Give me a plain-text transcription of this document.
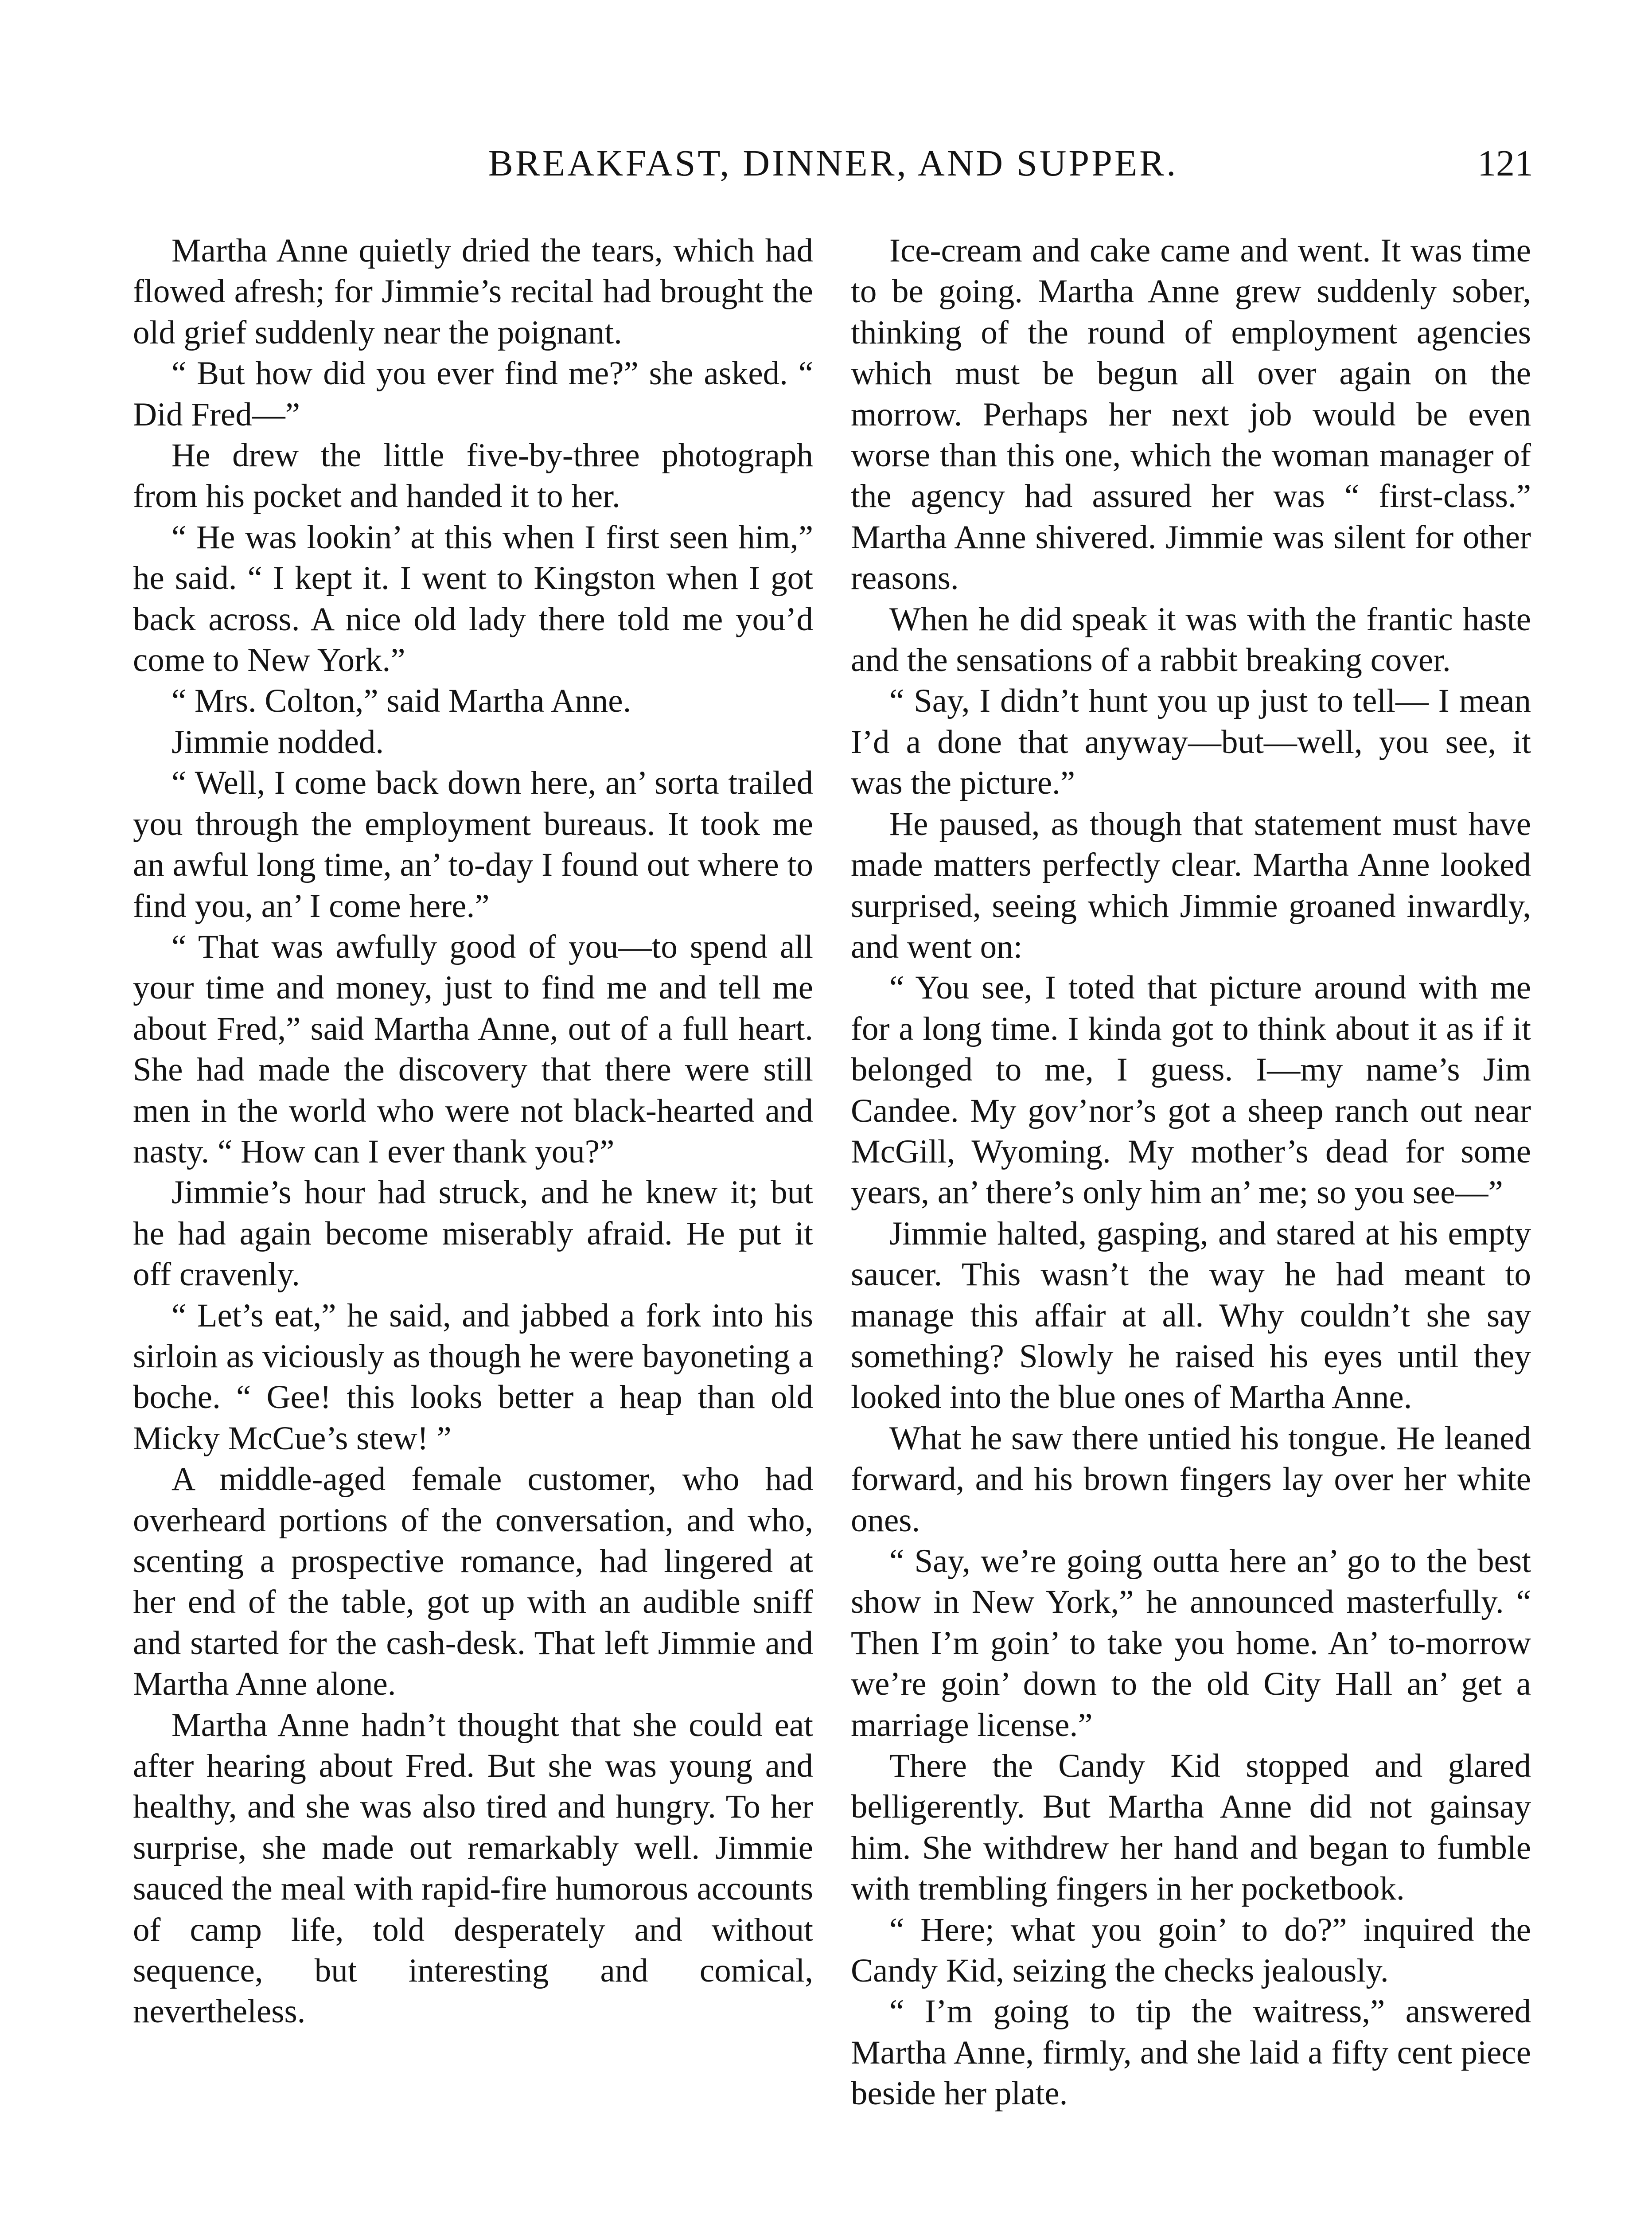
BREAKFAST, DINNER, AND SUPPER.	121

Martha Anne quietly dried the tears, which had flowed afresh; for Jimmie’s recital had brought the old grief suddenly near the poignant.

“ But how did you ever find me?” she asked. “ Did Fred—”

He drew the little five-by-three photograph from his pocket and handed it to her.

“ He was lookin’ at this when I first seen him,” he said. “ I kept it. I went to Kingston when I got back across. A nice old lady there told me you’d come to New York.”

“ Mrs. Colton,” said Martha Anne.

Jimmie nodded.

“ Well, I come back down here, an’ sorta trailed you through the employment bureaus. It took me an awful long time, an’ to-day I found out where to find you, an’ I come here.”

“ That was awfully good of you—to spend all your time and money, just to find me and tell me about Fred,” said Martha Anne, out of a full heart. She had made the discovery that there were still men in the world who were not black-hearted and nasty. “ How can I ever thank you?”

Jimmie’s hour had struck, and he knew it; but he had again become miserably afraid. He put it off cravenly.

“ Let’s eat,” he said, and jabbed a fork into his sirloin as viciously as though he were bayoneting a boche. “ Gee! this looks better a heap than old Micky McCue’s stew! ”

A middle-aged female customer, who had overheard portions of the conversation, and who, scenting a prospective romance, had lingered at her end of the table, got up with an audible sniff and started for the cash-desk. That left Jimmie and Martha Anne alone.

Martha Anne hadn’t thought that she could eat after hearing about Fred. But she was young and healthy, and she was also tired and hungry. To her surprise, she made out remarkably well. Jimmie sauced the meal with rapid-fire humorous accounts of camp life, told desperately and without sequence, but interesting and comical, nevertheless.

Ice-cream and cake came and went. It was time to be going. Martha Anne grew suddenly sober, thinking of the round of employment agencies which must be begun all over again on the morrow. Perhaps her next job would be even worse than this one, which the woman manager of the agency had assured her was “ first-class.” Martha Anne shivered. Jimmie was silent for other reasons.

When he did speak it was with the frantic haste and the sensations of a rabbit breaking cover.

“ Say, I didn’t hunt you up just to tell— I mean I’d a done that anyway—but—well, you see, it was the picture.”

He paused, as though that statement must have made matters perfectly clear. Martha Anne looked surprised, seeing which Jimmie groaned inwardly, and went on:

“ You see, I toted that picture around with me for a long time. I kinda got to think about it as if it belonged to me, I guess. I—my name’s Jim Candee. My gov’nor’s got a sheep ranch out near McGill, Wyoming. My mother’s dead for some years, an’ there’s only him an’ me; so you see—”

Jimmie halted, gasping, and stared at his empty saucer. This wasn’t the way he had meant to manage this affair at all. Why couldn’t she say something? Slowly he raised his eyes until they looked into the blue ones of Martha Anne.

What he saw there untied his tongue. He leaned forward, and his brown fingers lay over her white ones.

“ Say, we’re going outta here an’ go to the best show in New York,” he announced masterfully. “ Then I’m goin’ to take you home. An’ to-morrow we’re goin’ down to the old City Hall an’ get a marriage license.”

There the Candy Kid stopped and glared belligerently. But Martha Anne did not gainsay him. She withdrew her hand and began to fumble with trembling fingers in her pocketbook.

“ Here; what you goin’ to do?” inquired the Candy Kid, seizing the checks jealously.

“ I’m going to tip the waitress,” answered Martha Anne, firmly, and she laid a fifty cent piece beside her plate.
